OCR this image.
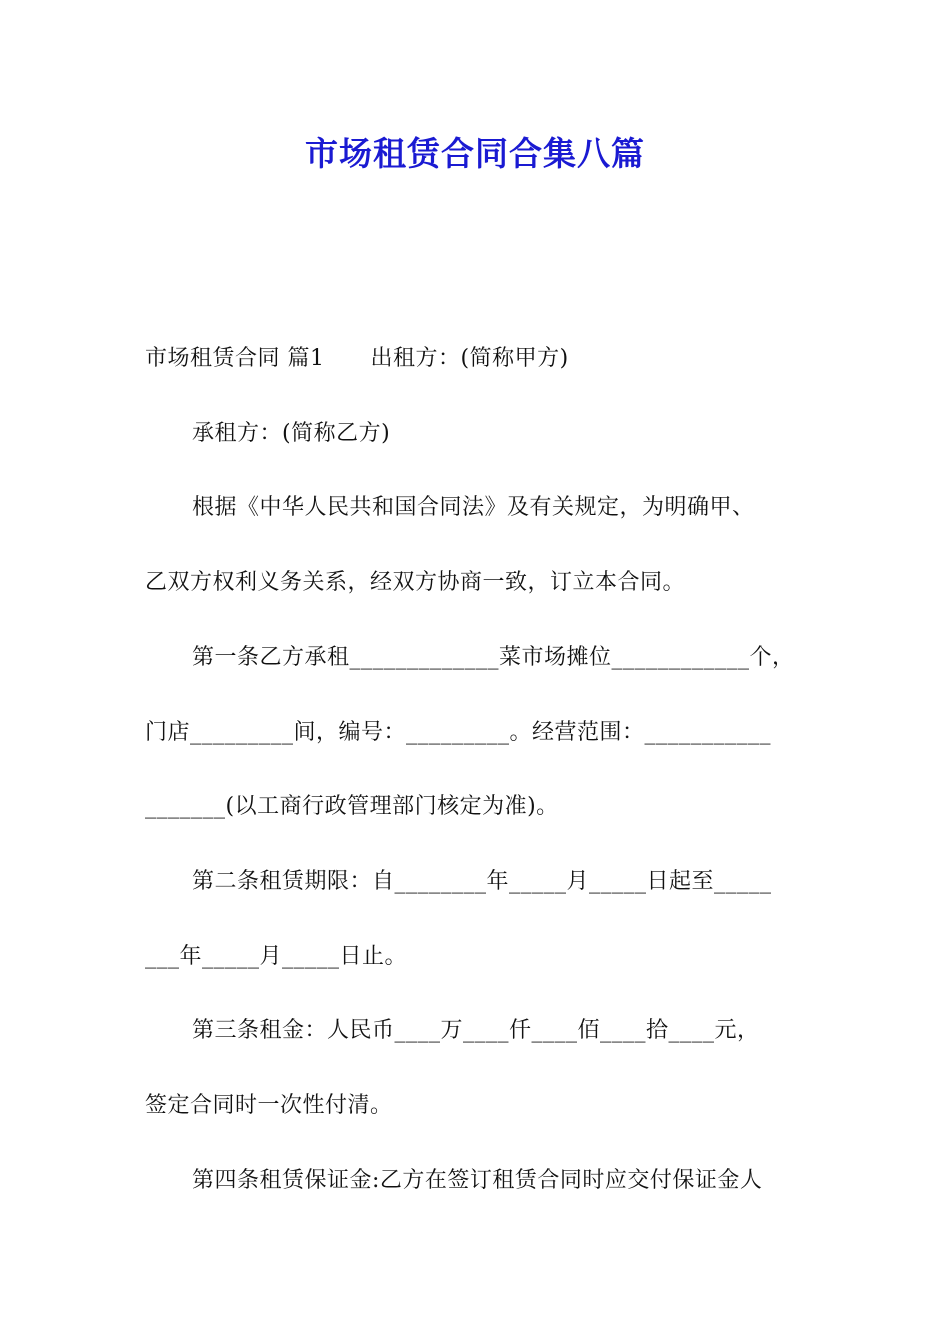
市场租赁合同合集八篇
市场租赁合同 篇1 出租方：(简称甲方)
承租方：(简称乙方)
根据《中华人民共和国合同法》及有关规定，为明确甲、
乙双方权利义务关系，经双方协商一致，订立本合同。
第一条乙方承租_____________菜市场摊位____________个，
门店_________间，编号：_________。经营范围：___________
_______(以工商行政管理部门核定为准)。
第二条租赁期限：自________年_____月_____日起至_____
___年_____月_____日止。
第三条租金：人民币____万____仟____佰____拾____元，
签定合同时一次性付清。
第四条租赁保证金:乙方在签订租赁合同时应交付保证金人
